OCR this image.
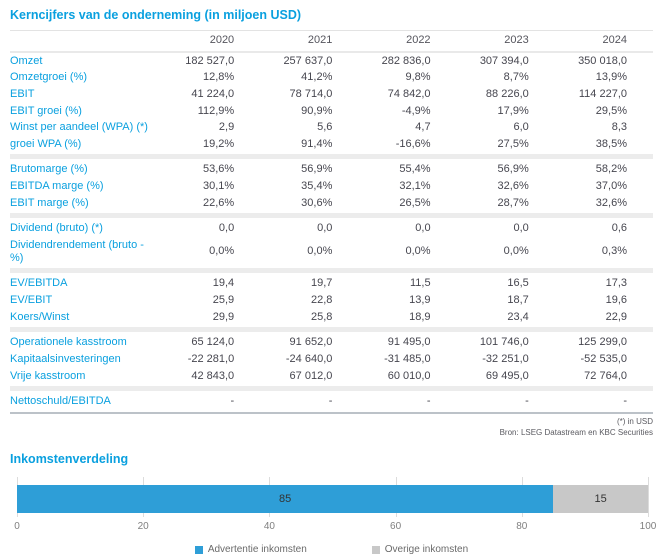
Kerncijfers van de onderneming (in miljoen USD)
	2020	2021	2022	2023	2024
Omzet	182 527,0	257 637,0	282 836,0	307 394,0	350 018,0
Omzetgroei (%)	12,8%	41,2%	9,8%	8,7%	13,9%
EBIT	41 224,0	78 714,0	74 842,0	88 226,0	114 227,0
EBIT groei (%)	112,9%	90,9%	-4,9%	17,9%	29,5%
Winst per aandeel (WPA) (*)	2,9	5,6	4,7	6,0	8,3
groei WPA (%)	19,2%	91,4%	-16,6%	27,5%	38,5%

Brutomarge (%)	53,6%	56,9%	55,4%	56,9%	58,2%
EBITDA marge (%)	30,1%	35,4%	32,1%	32,6%	37,0%
EBIT marge (%)	22,6%	30,6%	26,5%	28,7%	32,6%

Dividend (bruto) (*)	0,0	0,0	0,0	0,0	0,6
Dividendrendement (bruto - %)	0,0%	0,0%	0,0%	0,0%	0,3%

EV/EBITDA	19,4	19,7	11,5	16,5	17,3
EV/EBIT	25,9	22,8	13,9	18,7	19,6
Koers/Winst	29,9	25,8	18,9	23,4	22,9

Operationele kasstroom	65 124,0	91 652,0	91 495,0	101 746,0	125 299,0
Kapitaalsinvesteringen	-22 281,0	-24 640,0	-31 485,0	-32 251,0	-52 535,0
Vrije kasstroom	42 843,0	67 012,0	60 010,0	69 495,0	72 764,0

Nettoschuld/EBITDA	-	-	-	-	-
(*) in USD
Bron: LSEG Datastream en KBC Securities
Inkomstenverdeling
85	15
0	20	40	60	80	100
Advertentie inkomsten	Overige inkomsten
